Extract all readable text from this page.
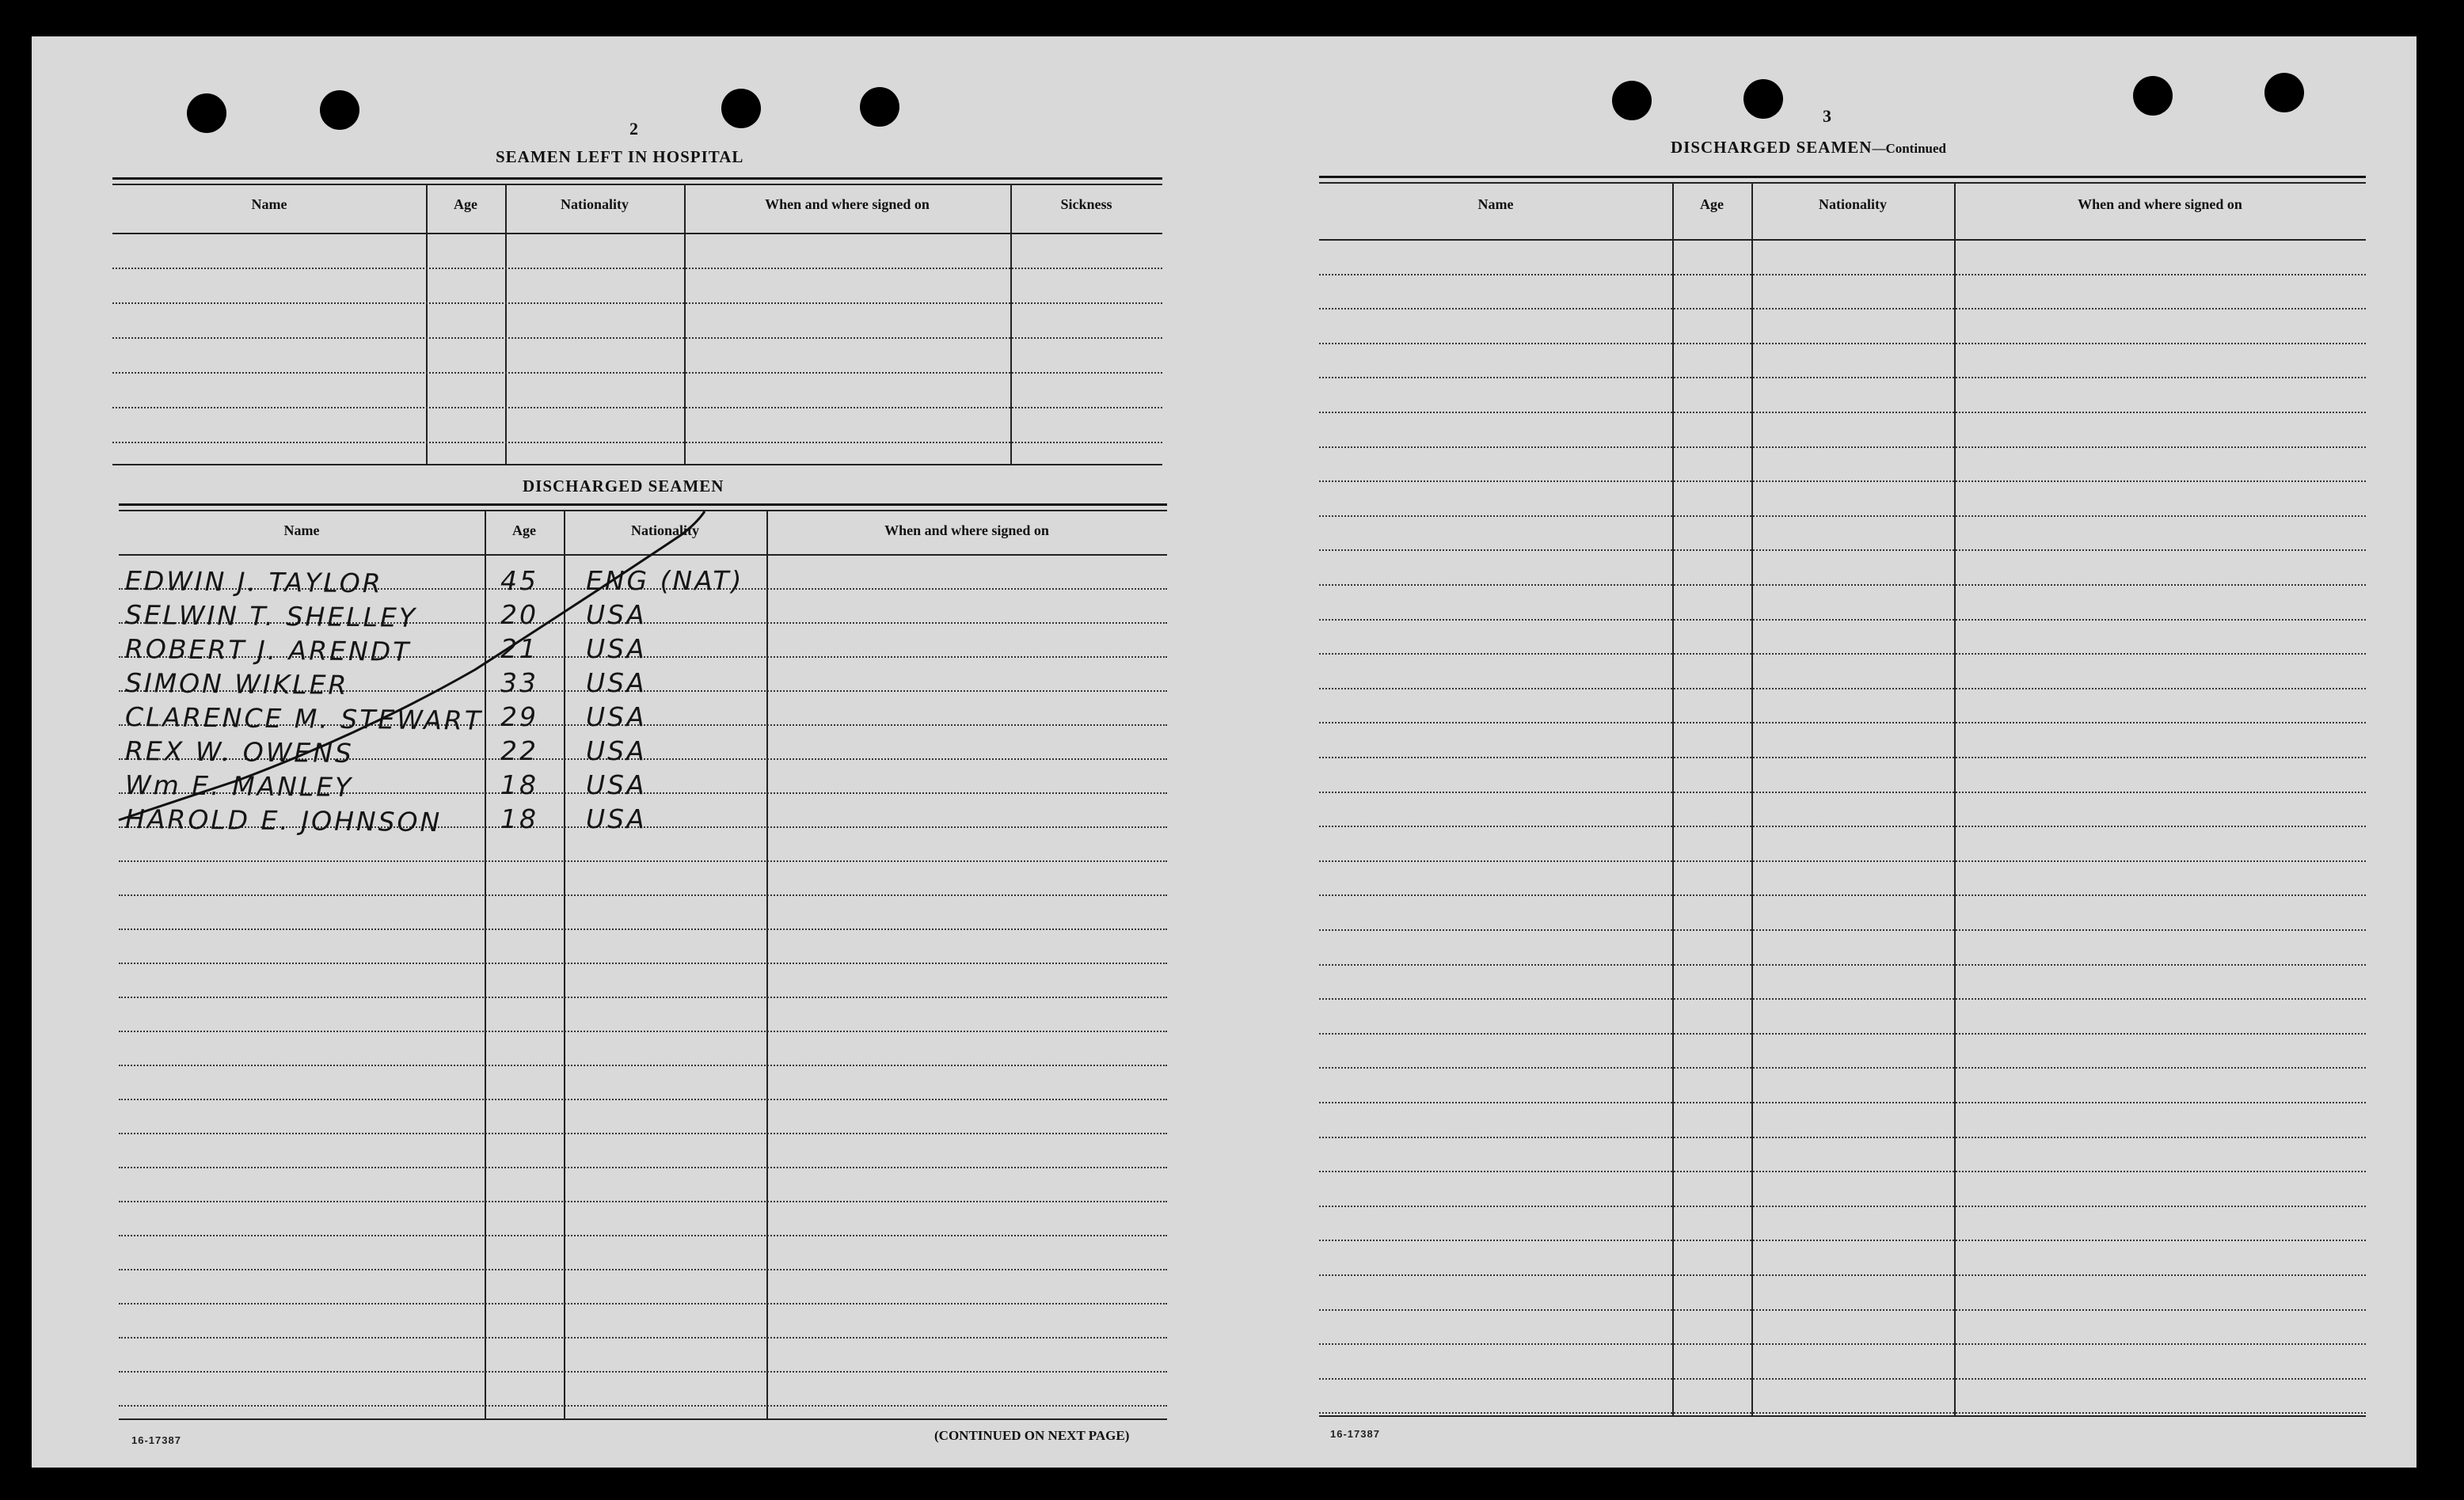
2
SEAMEN LEFT IN HOSPITAL
Name	Age	Nationality	When and where signed on	Sickness
DISCHARGED SEAMEN
Name	Age	Nationality	When and where signed on
EDWIN J. TAYLOR	45 ENG (NAT)
SELWIN T. SHELLEY	20 USA
ROBERT J. ARENDT	21 USA
SIMON WIKLER	33 USA
CLARENCE M. STEWART 29 USA
REX W. OWENS	22 USA
Wm E. MANLEY	18 USA
HAROLD E. JOHNSON 18 USA
16-17387	(CONTINUED ON NEXT PAGE)
3
DISCHARGED SEAMEN—Continued
Name	Age	Nationality	When and where signed on
16-17387
